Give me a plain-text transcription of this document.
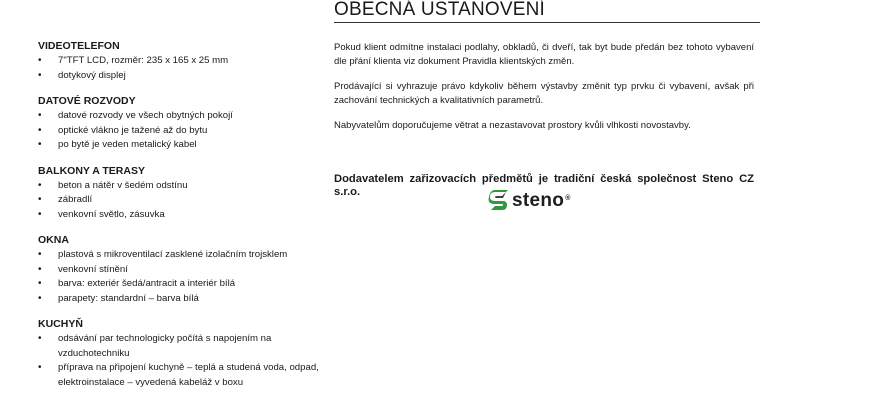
VIDEOTELEFON
• 7"TFT LCD, rozměr: 235 x 165 x 25 mm
• dotykový displej
DATOVÉ ROZVODY
• datové rozvody ve všech obytných pokojí
• optické vlákno je tažené až do bytu
• po bytě je veden metalický kabel
BALKONY A TERASY
• beton a nátěr v šedém odstínu
• zábradlí
• venkovní světlo, zásuvka
OKNA
• plastová s mikroventilací zasklené izolačním trojsklem
• venkovní stínění
• barva: exteriér šedá/antracit a interiér bílá
• parapety: standardní – barva bílá
KUCHYŇ
• odsávání par technologicky počítá s napojením na vzduchotechniku
• příprava na připojení kuchyně – teplá a studená voda, odpad,
elektroinstalace – vyvedená kabeláž v boxu
OBECNÁ USTANOVENÍ

Pokud klient odmítne instalaci podlahy, obkladů, či dveří, tak byt bude předán bez tohoto vybavení dle přání klienta viz dokument Pravidla klientských změn.

Prodávající si vyhrazuje právo kdykoliv během výstavby změnit typ prvku či vybavení, avšak při zachování technických a kvalitativních parametrů.

Nabyvatelům doporučujeme větrat a nezastavovat prostory kvůli vlhkosti novostavby.

Dodavatelem zařizovacích předmětů je tradiční česká společnost Steno CZ s.r.o.	steno ®
